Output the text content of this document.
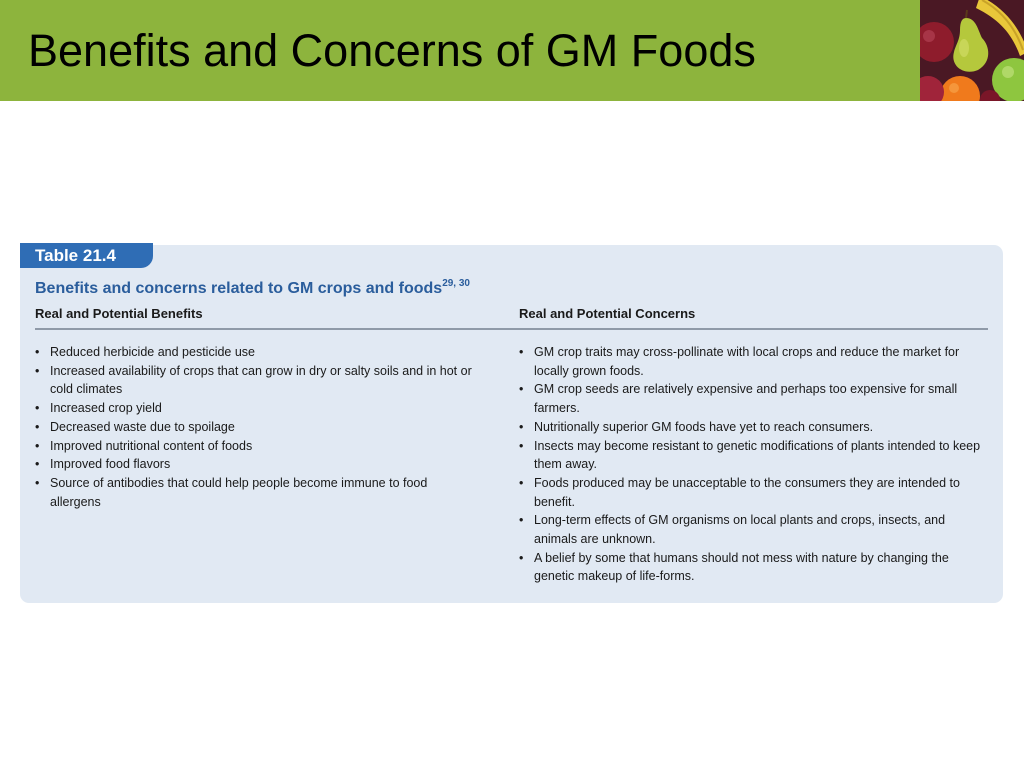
Benefits and Concerns of GM Foods
Table 21.4
Benefits and concerns related to GM crops and foods$^{29, 30}$
Real and Potential Benefits	Real and Potential Concerns
• Reduced herbicide and pesticide use
• Increased availability of crops that can grow in dry or salty soils and in hot or cold climates
• Increased crop yield
• Decreased waste due to spoilage
• Improved nutritional content of foods
• Improved food flavors
• Source of antibodies that could help people become immune to food allergens
• GM crop traits may cross-pollinate with local crops and reduce the market for locally grown foods.
• GM crop seeds are relatively expensive and perhaps too expensive for small farmers.
• Nutritionally superior GM foods have yet to reach consumers.
• Insects may become resistant to genetic modifications of plants intended to keep them away.
• Foods produced may be unacceptable to the consumers they are intended to benefit.
• Long-term effects of GM organisms on local plants and crops, insects, and animals are unknown.
• A belief by some that humans should not mess with nature by changing the genetic makeup of life-forms.
